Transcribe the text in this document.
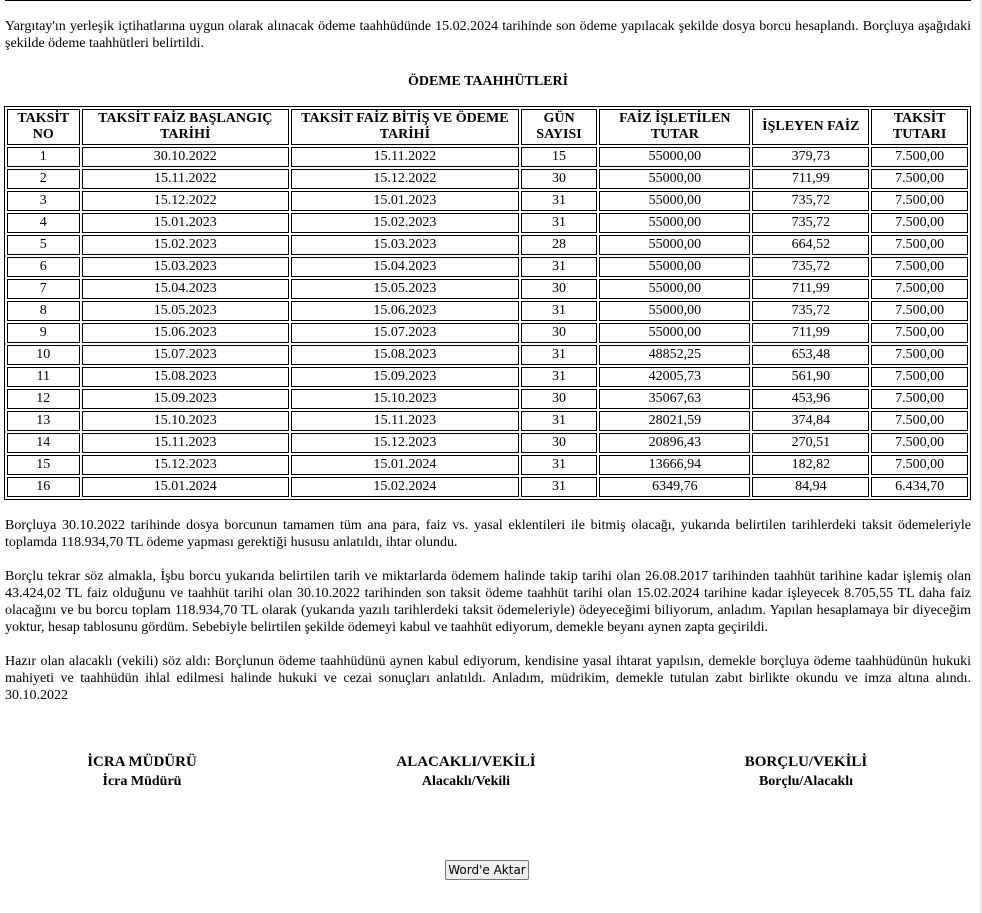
Yargıtay'ın yerleşik içtihatlarına uygun olarak alınacak ödeme taahhüdünde 15.02.2024 tarihinde son ödeme yapılacak şekilde dosya borcu hesaplandı. Borçluya aşağıdaki şekilde ödeme taahhütleri belirtildi.

ÖDEME TAAHHÜTLERİ
TAKSİT NO	TAKSİT FAİZ BAŞLANGIÇ TARİHİ	TAKSİT FAİZ BİTİŞ VE ÖDEME TARİHİ	GÜN SAYISI	FAİZ İŞLETİLEN TUTAR	İŞLEYEN FAİZ	TAKSİT TUTARI
1	30.10.2022	15.11.2022	15	55000,00	379,73	7.500,00
2	15.11.2022	15.12.2022	30	55000,00	711,99	7.500,00
3	15.12.2022	15.01.2023	31	55000,00	735,72	7.500,00
4	15.01.2023	15.02.2023	31	55000,00	735,72	7.500,00
5	15.02.2023	15.03.2023	28	55000,00	664,52	7.500,00
6	15.03.2023	15.04.2023	31	55000,00	735,72	7.500,00
7	15.04.2023	15.05.2023	30	55000,00	711,99	7.500,00
8	15.05.2023	15.06.2023	31	55000,00	735,72	7.500,00
9	15.06.2023	15.07.2023	30	55000,00	711,99	7.500,00
10	15.07.2023	15.08.2023	31	48852,25	653,48	7.500,00
11	15.08.2023	15.09.2023	31	42005,73	561,90	7.500,00
12	15.09.2023	15.10.2023	30	35067,63	453,96	7.500,00
13	15.10.2023	15.11.2023	31	28021,59	374,84	7.500,00
14	15.11.2023	15.12.2023	30	20896,43	270,51	7.500,00
15	15.12.2023	15.01.2024	31	13666,94	182,82	7.500,00
16	15.01.2024	15.02.2024	31	6349,76	84,94	6.434,70

Borçluya 30.10.2022 tarihinde dosya borcunun tamamen tüm ana para, faiz vs. yasal eklentileri ile bitmiş olacağı, yukarıda belirtilen tarihlerdeki taksit ödemeleriyle toplamda 118.934,70 TL ödeme yapması gerektiği hususu anlatıldı, ihtar olundu.

Borçlu tekrar söz almakla, İşbu borcu yukarıda belirtilen tarih ve miktarlarda ödemem halinde takip tarihi olan 26.08.2017 tarihinden taahhüt tarihine kadar işlemiş olan 43.424,02 TL faiz olduğunu ve taahhüt tarihi olan 30.10.2022 tarihinden son taksit ödeme taahhüt tarihi olan 15.02.2024 tarihine kadar işleyecek 8.705,55 TL daha faiz olacağını ve bu borcu toplam 118.934,70 TL olarak (yukarıda yazılı tarihlerdeki taksit ödemeleriyle) ödeyeceğimi biliyorum, anladım. Yapılan hesaplamaya bir diyeceğim yoktur, hesap tablosunu gördüm. Sebebiyle belirtilen şekilde ödemeyi kabul ve taahhüt ediyorum, demekle beyanı aynen zapta geçirildi.

Hazır olan alacaklı (vekili) söz aldı: Borçlunun ödeme taahhüdünü aynen kabul ediyorum, kendisine yasal ihtarat yapılsın, demekle borçluya ödeme taahhüdünün hukuki mahiyeti ve taahhüdün ihlal edilmesi halinde hukuki ve cezai sonuçları anlatıldı. Anladım, müdrikim, demekle tutulan zabıt birlikte okundu ve imza altına alındı. 30.10.2022

İCRA MÜDÜRÜ
İcra Müdürü
ALACAKLI/VEKİLİ
Alacaklı/Vekili
BORÇLU/VEKİLİ
Borçlu/Alacaklı
Word'e Aktar
